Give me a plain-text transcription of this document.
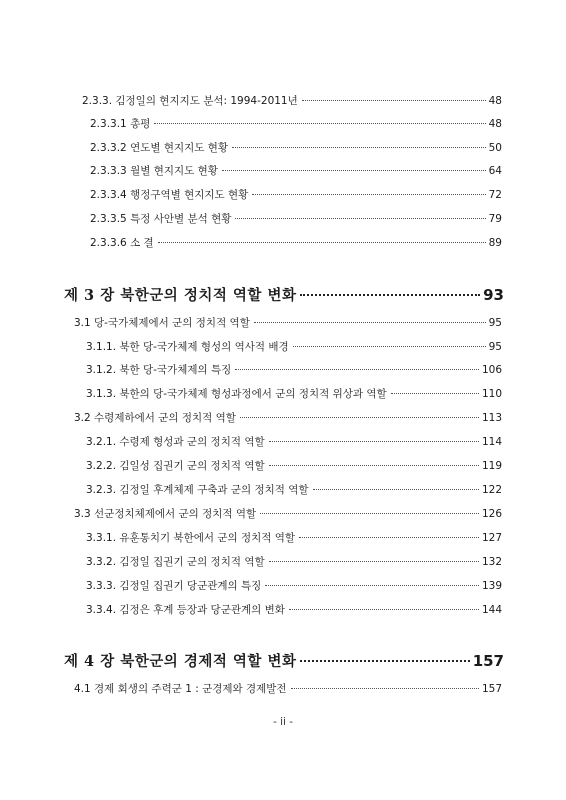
2.3.3. 김정일의 현지지도 분석: 1994-2011년	48
2.3.3.1 총평	48
2.3.3.2 연도별 현지지도 현황	50
2.3.3.3 월별 현지지도 현황	64
2.3.3.4 행정구역별 현지지도 현황	72
2.3.3.5 특정 사안별 분석 현황	79
2.3.3.6 소 결	89
제 3 장 북한군의 정치적 역할 변화	93
3.1 당-국가체제에서 군의 정치적 역할	95
3.1.1. 북한 당-국가체제 형성의 역사적 배경	95
3.1.2. 북한 당-국가체제의 특징	106
3.1.3. 북한의 당-국가체제 형성과정에서 군의 정치적 위상과 역할	110
3.2 수령제하에서 군의 정치적 역할	113
3.2.1. 수령제 형성과 군의 정치적 역할	114
3.2.2. 김일성 집권기 군의 정치적 역할	119
3.2.3. 김정일 후계체제 구축과 군의 정치적 역할	122
3.3 선군정치체제에서 군의 정치적 역할	126
3.3.1. 유훈통치기 북한에서 군의 정치적 역할	127
3.3.2. 김정일 집권기 군의 정치적 역할	132
3.3.3. 김정일 집권기 당군관계의 특징	139
3.3.4. 김정은 후계 등장과 당군관계의 변화	144
제 4 장 북한군의 경제적 역할 변화	157
4.1 경제 회생의 주력군 1 : 군경제와 경제발전	157
- ii -
